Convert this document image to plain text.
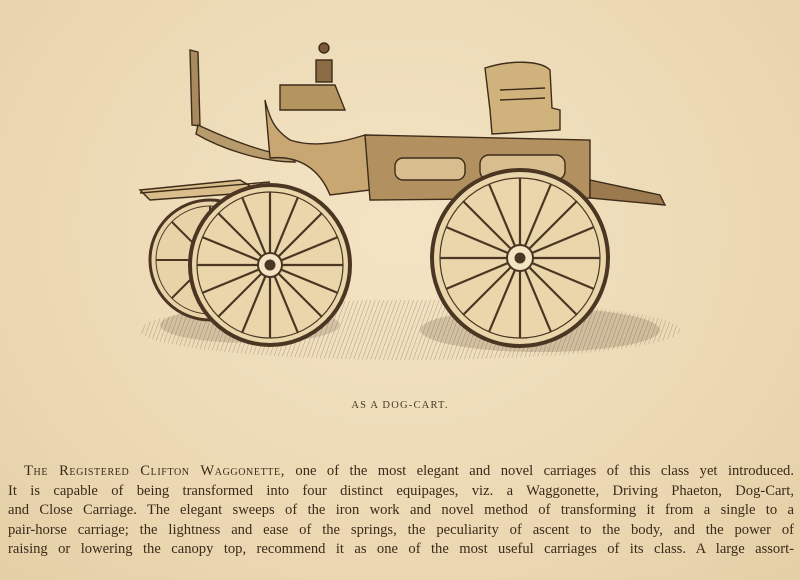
AS A DOG-CART.
The Registered Clifton Waggonette, one of the most elegant and novel carriages of this class yet introduced.
It is capable of being transformed into four distinct equipages, viz. a Waggonette, Driving Phaeton, Dog-Cart,
and Close Carriage. The elegant sweeps of the iron work and novel method of transforming it from a single to a
pair-horse carriage; the lightness and ease of the springs, the peculiarity of ascent to the body, and the power of
raising or lowering the canopy top, recommend it as one of the most useful carriages of its class. A large assort-
